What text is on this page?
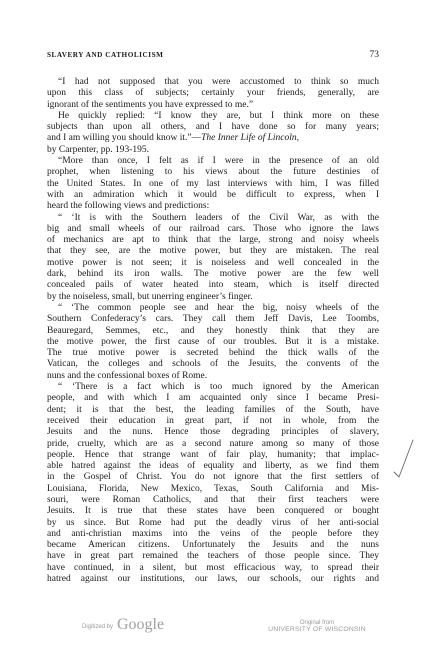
SLAVERY AND CATHOLICISM	73
“I had not supposed that you were accustomed to think so much
upon this class of subjects; certainly your friends, generally, are
ignorant of the sentiments you have expressed to me.”
He quickly replied: “I know they are, but I think more on these
subjects than upon all others, and I have done so for many years;
and I am willing you should know it.”—The Inner Life of Lincoln,
by Carpenter, pp. 193-195.
“More than once, I felt as if I were in the presence of an old
prophet, when listening to his views about the future destinies of
the United States. In one of my last interviews with him, I was filled
with an admiration which it would be difficult to express, when I
heard the following views and predictions:
“ ‘It is with the Southern leaders of the Civil War, as with the
big and small wheels of our railroad cars. Those who ignore the laws
of mechanics are apt to think that the large, strong and noisy wheels
that they see, are the motive power, but they are mistaken. The real
motive power is not seen; it is noiseless and well concealed in the
dark, behind its iron walls. The motive power are the few well
concealed pails of water heated into steam, which is itself directed
by the noiseless, small, but unerring engineer’s finger.
“ ‘The common people see and hear the big, noisy wheels of the
Southern Confederacy’s cars. They call them Jeff Davis, Lee Toombs,
Beauregard, Semmes, etc., and they honestly think that they are
the motive power, the first cause of our troubles. But it is a mistake.
The true motive power is secreted behind the thick walls of the
Vatican, the colleges and schools of the Jesuits, the convents of the
nuns and the confessional boxes of Rome.
“ ‘There is a fact which is too much ignored by the American
people, and with which I am acquainted only since I became Presi-
dent; it is that the best, the leading families of the South, have
received their education in great part, if not in whole, from the
Jesuits and the nuns. Hence those degrading principles of slavery,
pride, cruelty, which are as a second nature among so many of those
people. Hence that strange want of fair play, humanity; that implac-
able hatred against the ideas of equality and liberty, as we find them
in the Gospel of Christ. You do not ignore that the first settlers of
Louisiana, Florida, New Mexico, Texas, South California and Mis-
souri, were Roman Catholics, and that their first teachers were
Jesuits. It is true that these states have been conquered or bought
by us since. But Rome had put the deadly virus of her anti-social
and anti-christian maxims into the veins of the people before they
became American citizens. Unfortunately the Jesuits and the nuns
have in great part remained the teachers of those people since. They
have continued, in a silent, but most efficacious way, to spread their
hatred against our institutions, our laws, our schools, our rights and
Digitized by Google	Original from
UNIVERSITY OF WISCONSIN
